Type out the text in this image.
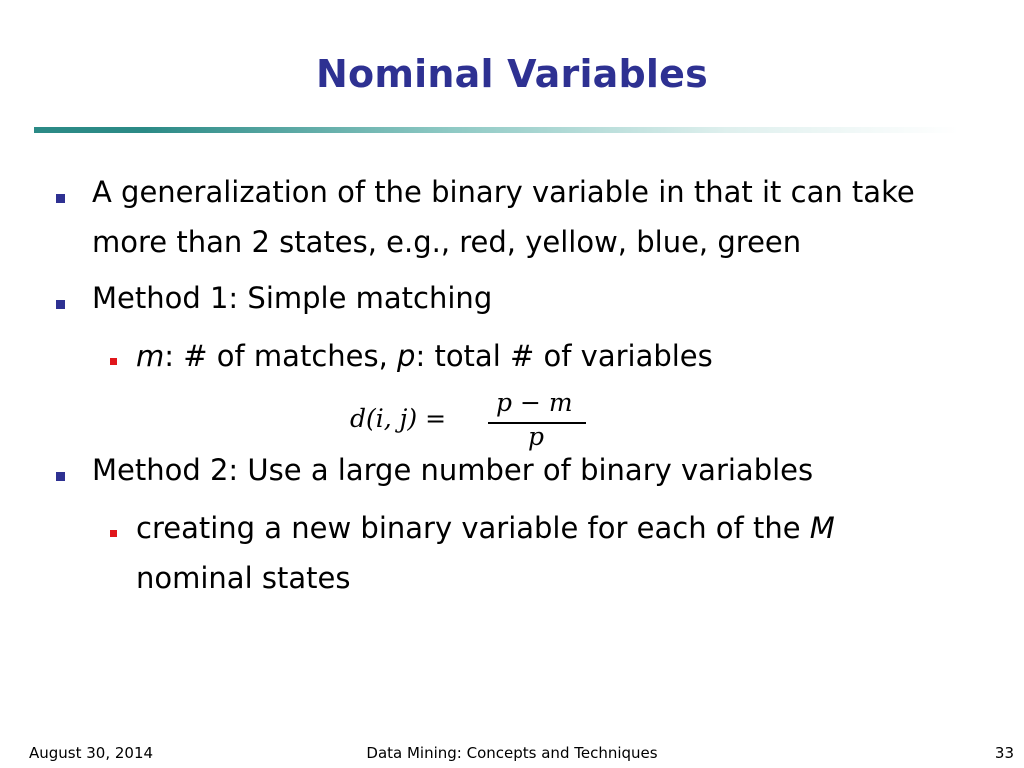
Nominal Variables
A generalization of the binary variable in that it can take
more than 2 states, e.g., red, yellow, blue, green
Method 1: Simple matching
m: # of matches, p: total # of variables
d(i, j) =
p − m
p
Method 2: Use a large number of binary variables
creating a new binary variable for each of the M
nominal states
August 30, 2014	Data Mining: Concepts and Techniques	33
